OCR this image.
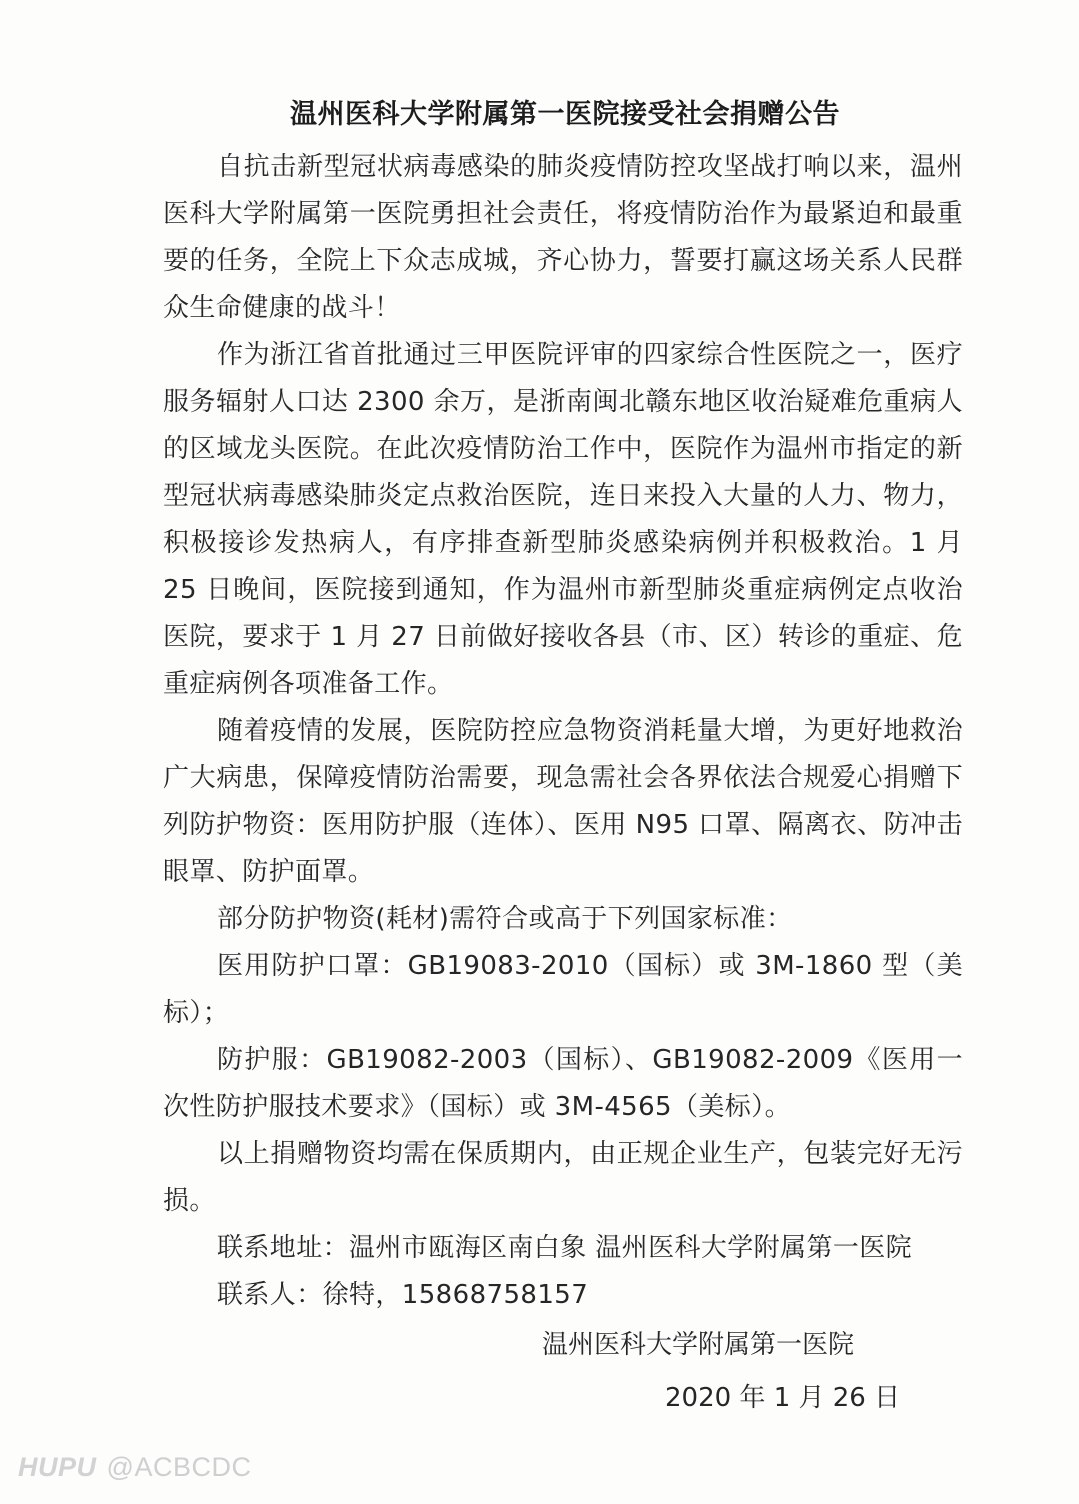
温州医科大学附属第一医院接受社会捐赠公告

自抗击新型冠状病毒感染的肺炎疫情防控攻坚战打响以来，温州医科大学附属第一医院勇担社会责任，将疫情防治作为最紧迫和最重要的任务，全院上下众志成城，齐心协力，誓要打赢这场关系人民群众生命健康的战斗！

作为浙江省首批通过三甲医院评审的四家综合性医院之一，医疗服务辐射人口达 2300 余万，是浙南闽北赣东地区收治疑难危重病人的区域龙头医院。在此次疫情防治工作中，医院作为温州市指定的新型冠状病毒感染肺炎定点救治医院，连日来投入大量的人力、物力，积极接诊发热病人，有序排查新型肺炎感染病例并积极救治。1 月 25 日晚间，医院接到通知，作为温州市新型肺炎重症病例定点收治医院，要求于 1 月 27 日前做好接收各县（市、区）转诊的重症、危重症病例各项准备工作。

随着疫情的发展，医院防控应急物资消耗量大增，为更好地救治广大病患，保障疫情防治需要，现急需社会各界依法合规爱心捐赠下列防护物资：医用防护服（连体）、医用 N95 口罩、隔离衣、防冲击眼罩、防护面罩。

部分防护物资(耗材)需符合或高于下列国家标准：

医用防护口罩：GB19083-2010（国标）或 3M-1860 型（美标）；

防护服：GB19082-2003（国标）、GB19082-2009《医用一次性防护服技术要求》（国标）或 3M-4565（美标）。

以上捐赠物资均需在保质期内，由正规企业生产，包装完好无污损。

联系地址：温州市瓯海区南白象 温州医科大学附属第一医院

联系人：徐特，15868758157

温州医科大学附属第一医院
2020 年 1 月 26 日
HUPU @ACBCDC
